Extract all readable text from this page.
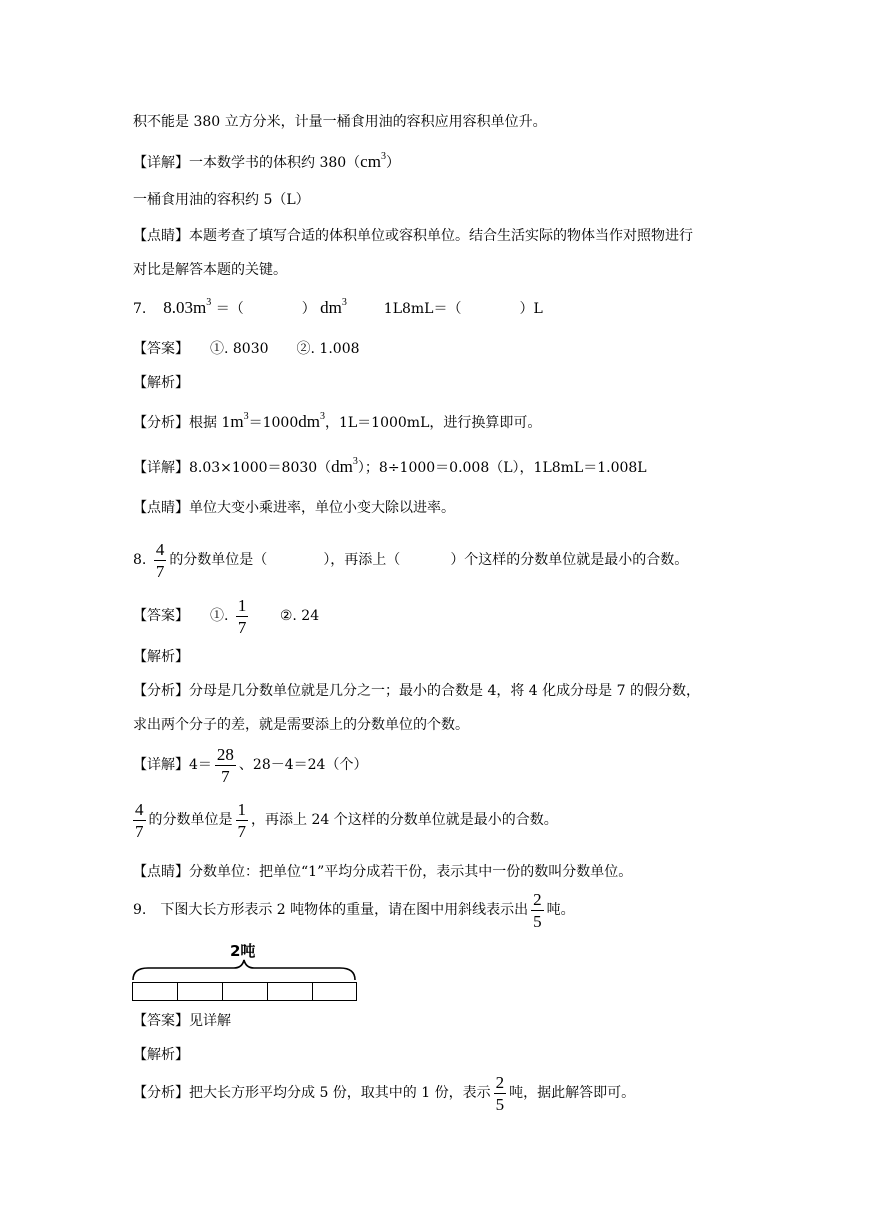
积不能是 380 立方分米，计量一桶食用油的容积应用容积单位升。
【详解】一本数学书的体积约 $380(cm^3)$
一桶食用油的容积约 5（L）
【点睛】本题考查了填写合适的体积单位或容积单位。结合生活实际的物体当作对照物进行
对比是解答本题的关键。
7. $8.03m^3$ ＝（	） $dm^3$	1L8mL＝（	）L
【答案】　　①. 8030　　②. 1.008
【解析】
【分析】根据 $1m^3=1000dm^3$，1L＝1000mL，进行换算即可。
【详解】$8.03\times 1000=8030(dm^3)$；8÷1000＝0.008（L），1L8mL＝1.008L
【点睛】单位大变小乘进率，单位小变大除以进率。
8. $\frac{4}{7}$ 的分数单位是（	），再添上（	）个这样的分数单位就是最小的合数。
【答案】　　①. $\frac{1}{7}$ ②. 24
【解析】
【分析】分母是几分数单位就是几分之一；最小的合数是 4，将 4 化成分母是 7 的假分数，
求出两个分子的差，就是需要添上的分数单位的个数。
【详解】$4= \frac{28}{7}$ 、28－4＝24（个）
$\frac{4}{7}$ 的分数单位是 $\frac{1}{7}$ ，再添上 24 个这样的分数单位就是最小的合数。
【点睛】分数单位：把单位“1”平均分成若干份，表示其中一份的数叫分数单位。
9.　下图大长方形表示 2 吨物体的重量，请在图中用斜线表示出 $\frac{2}{5}$ 吨。
2吨
【答案】见详解
【解析】
【分析】把大长方形平均分成 5 份，取其中的 1 份，表示 $\frac{2}{5}$ 吨，据此解答即可。
